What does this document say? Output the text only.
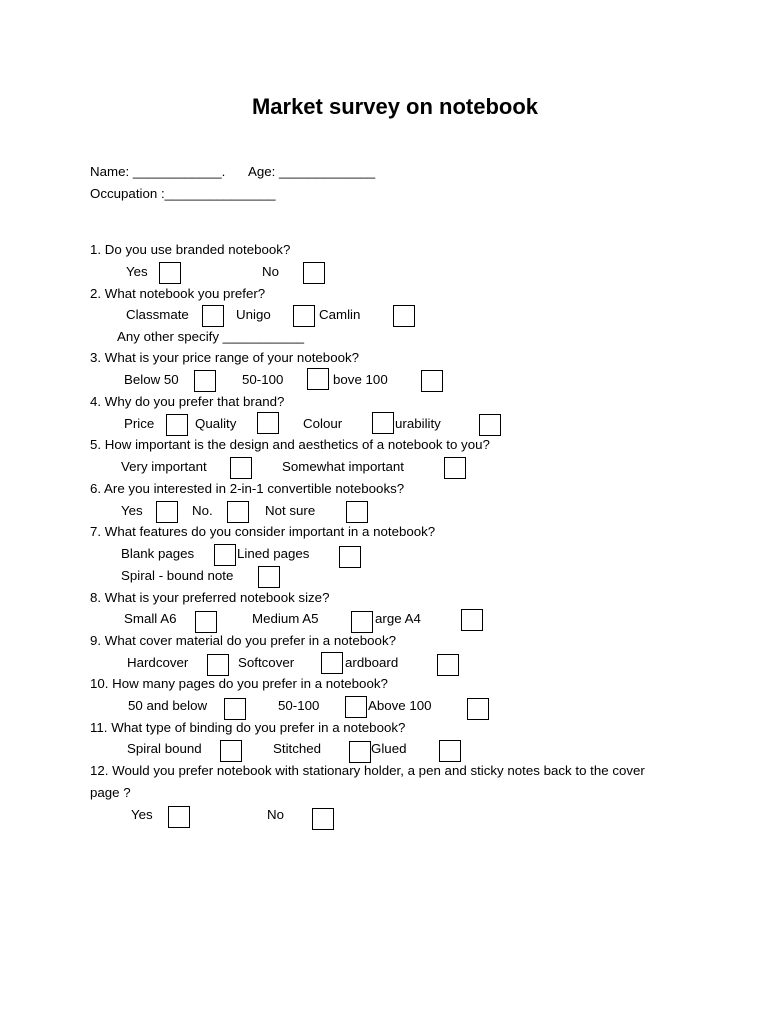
Market survey on notebook
Name: ____________. Age: _____________
Occupation :_______________
1. Do you use branded notebook?
Yes	No
2. What notebook you prefer?
Classmate	Unigo	Camlin
Any other specify ___________
3. What is your price range of your notebook?
Below 50	50-100	bove 100
4. Why do you prefer that brand?
Price	Quality	Colour	urability
5. How important is the design and aesthetics of a notebook to you?
Very important	Somewhat important
6. Are you interested in 2-in-1 convertible notebooks?
Yes	No.	Not sure
7. What features do you consider important in a notebook?
Blank pages	Lined pages
Spiral - bound note
8. What is your preferred notebook size?
Small A6	Medium A5	arge A4
9. What cover material do you prefer in a notebook?
Hardcover	Softcover	ardboard
10. How many pages do you prefer in a notebook?
50 and below	50-100	Above 100
11. What type of binding do you prefer in a notebook?
Spiral bound	Stitched	Glued
12. Would you prefer notebook with stationary holder, a pen and sticky notes back to the cover
page ?
Yes	No
